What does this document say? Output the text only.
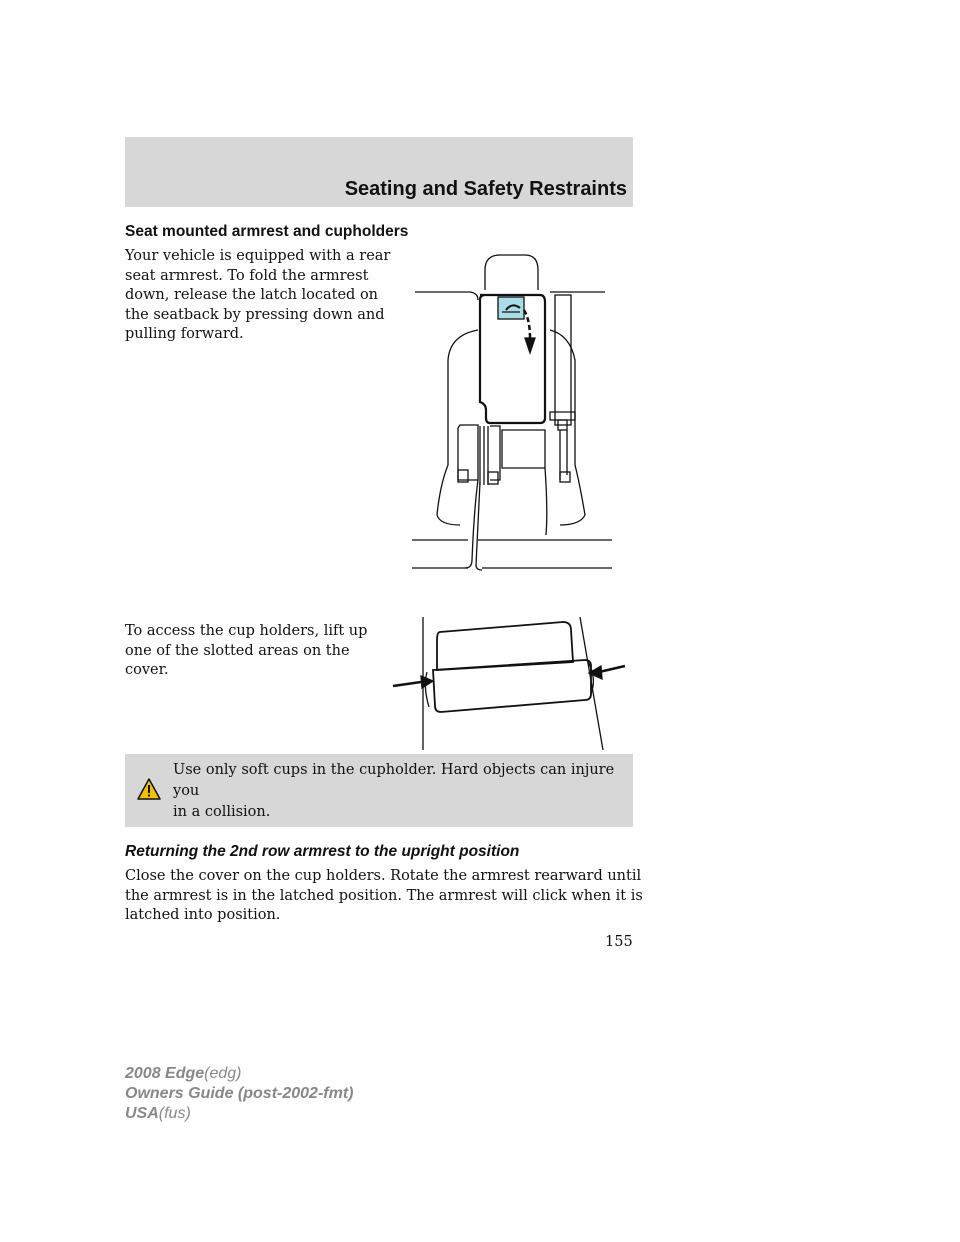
Seating and Safety Restraints
Seat mounted armrest and cupholders
Your vehicle is equipped with a rear
seat armrest. To fold the armrest
down, release the latch located on
the seatback by pressing down and
pulling forward.
To access the cup holders, lift up
one of the slotted areas on the
cover.
Use only soft cups in the cupholder. Hard objects can injure you
in a collision.
Returning the 2nd row armrest to the upright position
Close the cover on the cup holders. Rotate the armrest rearward until
the armrest is in the latched position. The armrest will click when it is
latched into position.
155
2008 Edge(edg)
Owners Guide (post-2002-fmt)
USA(fus)
